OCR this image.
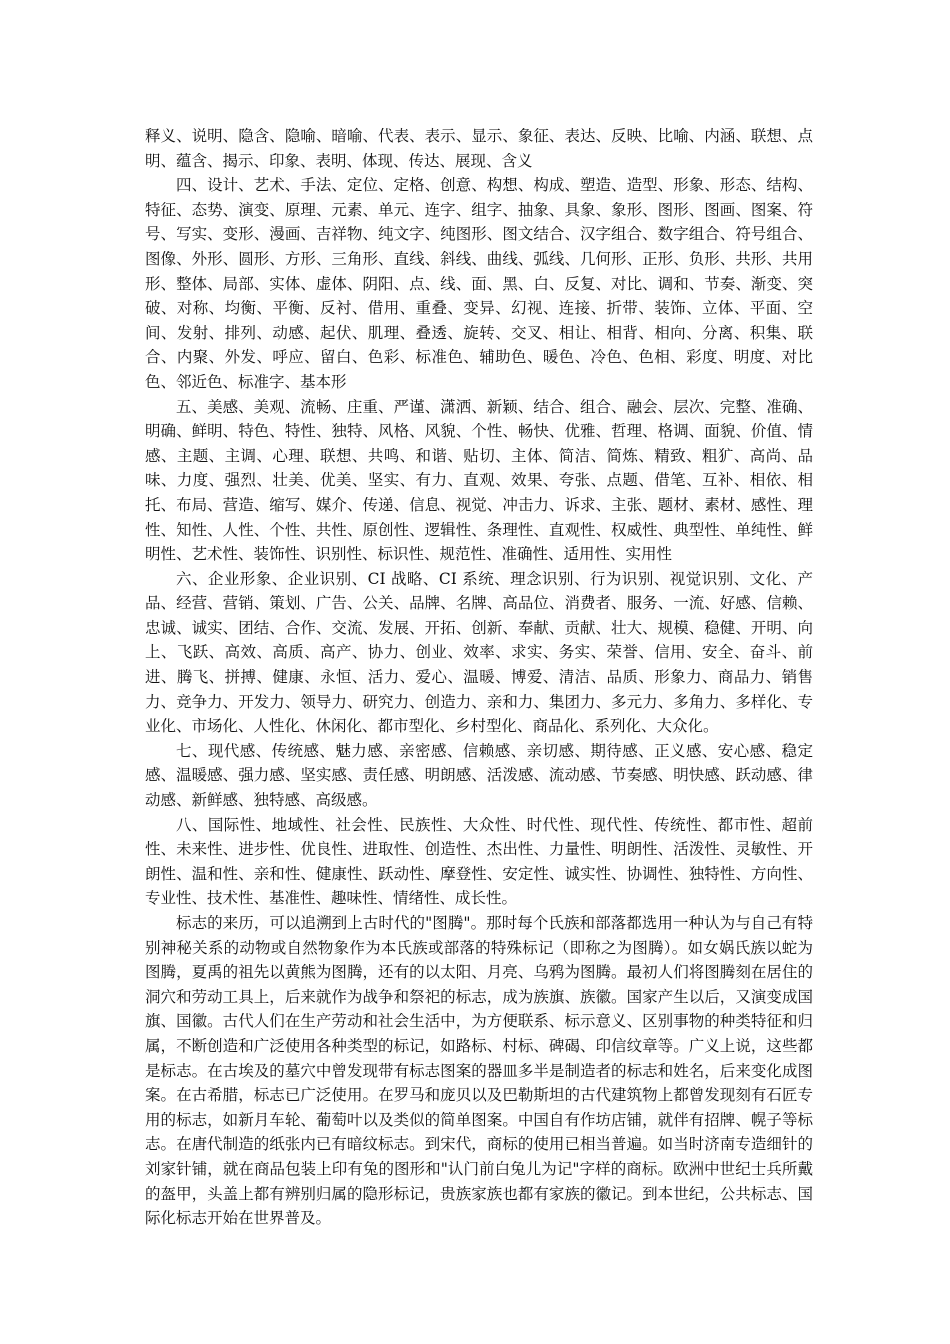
释义、说明、隐含、隐喻、暗喻、代表、表示、显示、象征、表达、反映、比喻、内涵、联想、点明、蕴含、揭示、印象、表明、体现、传达、展现、含义

四、设计、艺术、手法、定位、定格、创意、构想、构成、塑造、造型、形象、形态、结构、特征、态势、演变、原理、元素、单元、连字、组字、抽象、具象、象形、图形、图画、图案、符号、写实、变形、漫画、吉祥物、纯文字、纯图形、图文结合、汉字组合、数字组合、符号组合、图像、外形、圆形、方形、三角形、直线、斜线、曲线、弧线、几何形、正形、负形、共形、共用形、整体、局部、实体、虚体、阴阳、点、线、面、黑、白、反复、对比、调和、节奏、渐变、突破、对称、均衡、平衡、反衬、借用、重叠、变异、幻视、连接、折带、装饰、立体、平面、空间、发射、排列、动感、起伏、肌理、叠透、旋转、交叉、相让、相背、相向、分离、积集、联合、内聚、外发、呼应、留白、色彩、标准色、辅助色、暖色、冷色、色相、彩度、明度、对比色、邻近色、标准字、基本形

五、美感、美观、流畅、庄重、严谨、潇洒、新颖、结合、组合、融会、层次、完整、准确、明确、鲜明、特色、特性、独特、风格、风貌、个性、畅快、优雅、哲理、格调、面貌、价值、情感、主题、主调、心理、联想、共鸣、和谐、贴切、主体、简洁、简炼、精致、粗犷、高尚、品味、力度、强烈、壮美、优美、坚实、有力、直观、效果、夸张、点题、借笔、互补、相依、相托、布局、营造、缩写、媒介、传递、信息、视觉、冲击力、诉求、主张、题材、素材、感性、理性、知性、人性、个性、共性、原创性、逻辑性、条理性、直观性、权威性、典型性、单纯性、鲜明性、艺术性、装饰性、识别性、标识性、规范性、准确性、适用性、实用性

六、企业形象、企业识别、CI 战略、CI 系统、理念识别、行为识别、视觉识别、文化、产品、经营、营销、策划、广告、公关、品牌、名牌、高品位、消费者、服务、一流、好感、信赖、忠诚、诚实、团结、合作、交流、发展、开拓、创新、奉献、贡献、壮大、规模、稳健、开明、向上、飞跃、高效、高质、高产、协力、创业、效率、求实、务实、荣誉、信用、安全、奋斗、前进、腾飞、拼搏、健康、永恒、活力、爱心、温暖、博爱、清洁、品质、形象力、商品力、销售力、竞争力、开发力、领导力、研究力、创造力、亲和力、集团力、多元力、多角力、多样化、专业化、市场化、人性化、休闲化、都市型化、乡村型化、商品化、系列化、大众化。

七、现代感、传统感、魅力感、亲密感、信赖感、亲切感、期待感、正义感、安心感、稳定感、温暖感、强力感、坚实感、责任感、明朗感、活泼感、流动感、节奏感、明快感、跃动感、律动感、新鲜感、独特感、高级感。

八、国际性、地域性、社会性、民族性、大众性、时代性、现代性、传统性、都市性、超前性、未来性、进步性、优良性、进取性、创造性、杰出性、力量性、明朗性、活泼性、灵敏性、开朗性、温和性、亲和性、健康性、跃动性、摩登性、安定性、诚实性、协调性、独特性、方向性、专业性、技术性、基准性、趣味性、情绪性、成长性。

标志的来历，可以追溯到上古时代的"图腾"。那时每个氏族和部落都选用一种认为与自己有特别神秘关系的动物或自然物象作为本氏族或部落的特殊标记（即称之为图腾）。如女娲氏族以蛇为图腾，夏禹的祖先以黄熊为图腾，还有的以太阳、月亮、乌鸦为图腾。最初人们将图腾刻在居住的洞穴和劳动工具上，后来就作为战争和祭祀的标志，成为族旗、族徽。国家产生以后，又演变成国旗、国徽。古代人们在生产劳动和社会生活中，为方便联系、标示意义、区别事物的种类特征和归属，不断创造和广泛使用各种类型的标记，如路标、村标、碑碣、印信纹章等。广义上说，这些都是标志。在古埃及的墓穴中曾发现带有标志图案的器皿多半是制造者的标志和姓名，后来变化成图案。在古希腊，标志已广泛使用。在罗马和庞贝以及巴勒斯坦的古代建筑物上都曾发现刻有石匠专用的标志，如新月车轮、葡萄叶以及类似的简单图案。中国自有作坊店铺，就伴有招牌、幌子等标志。在唐代制造的纸张内已有暗纹标志。到宋代，商标的使用已相当普遍。如当时济南专造细针的刘家针铺，就在商品包装上印有兔的图形和"认门前白兔儿为记"字样的商标。欧洲中世纪士兵所戴的盔甲，头盖上都有辨别归属的隐形标记，贵族家族也都有家族的徽记。到本世纪，公共标志、国际化标志开始在世界普及。
